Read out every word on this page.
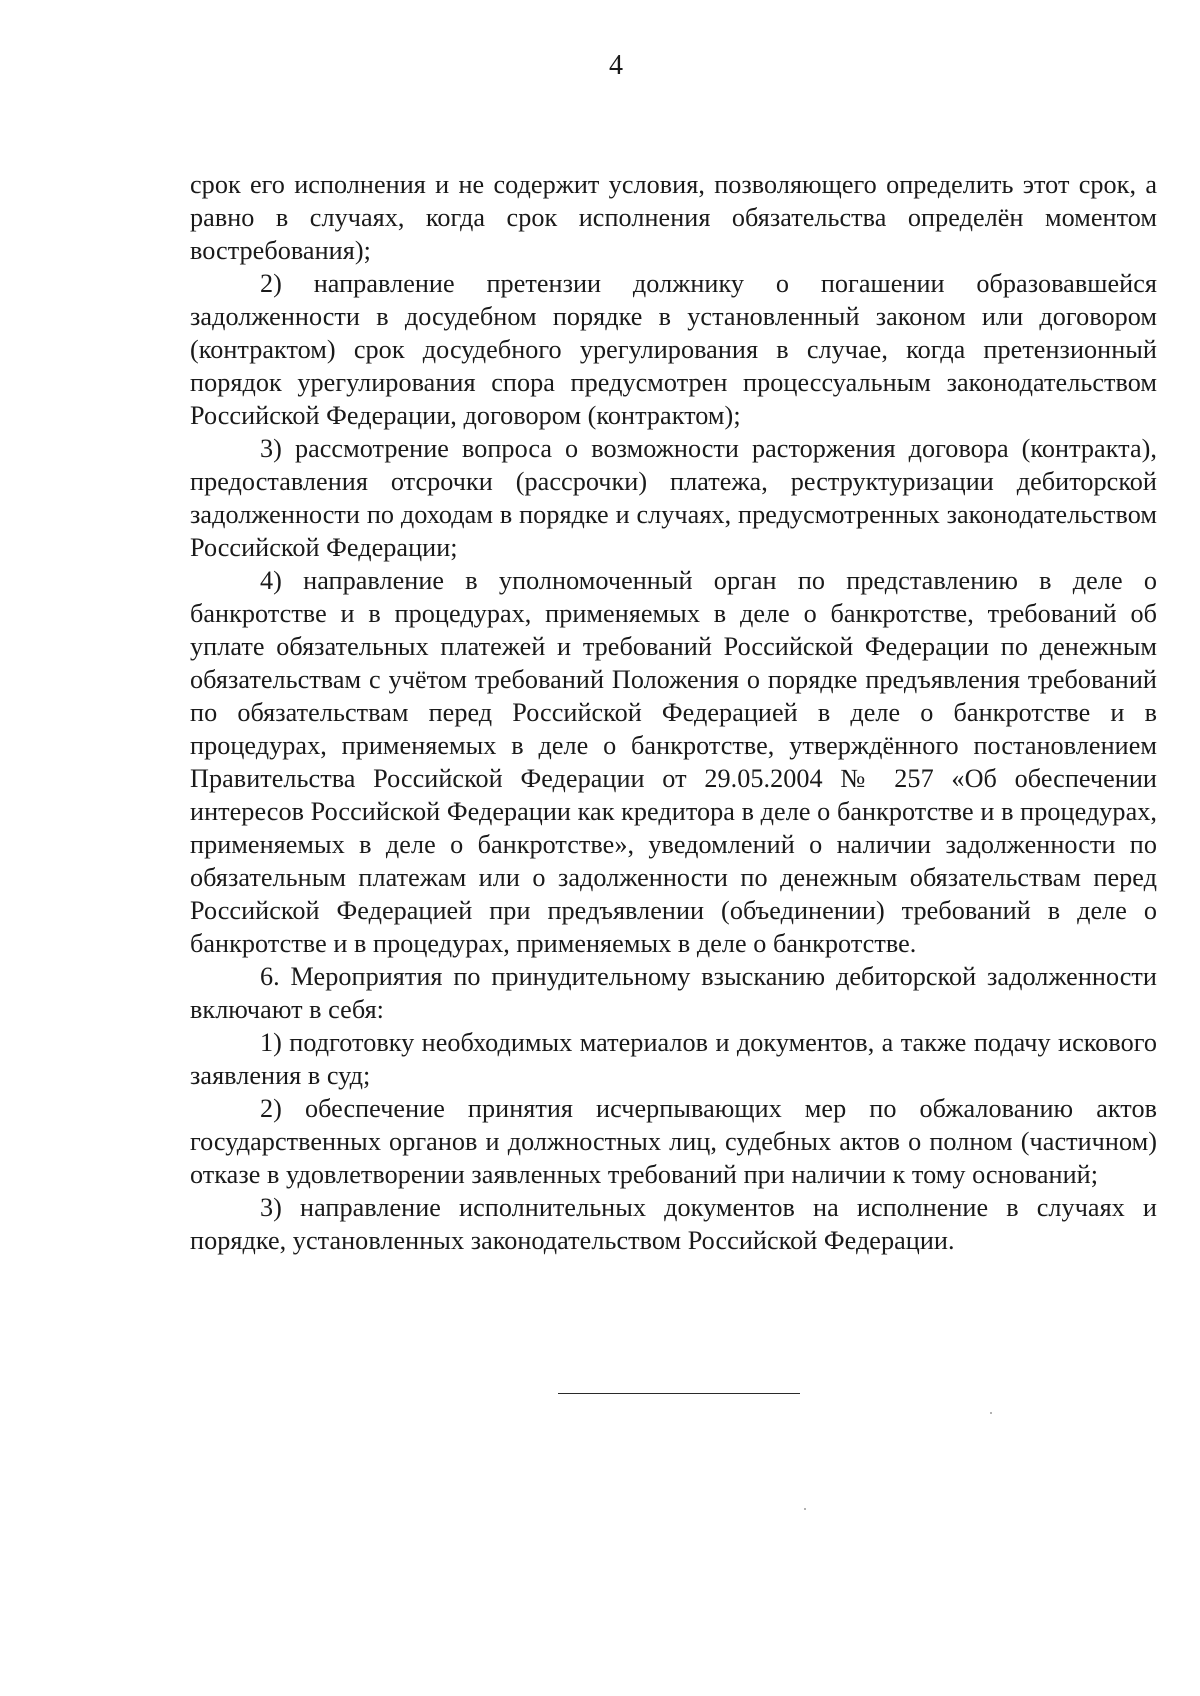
4

срок его исполнения и не содержит условия, позволяющего определить этот срок, а равно в случаях, когда срок исполнения обязательства определён моментом востребования);

2) направление претензии должнику о погашении образовавшейся задолженности в досудебном порядке в установленный законом или договором (контрактом) срок досудебного урегулирования в случае, когда претензионный порядок урегулирования спора предусмотрен процессуальным законодательством Российской Федерации, договором (контрактом);

3) рассмотрение вопроса о возможности расторжения договора (контракта), предоставления отсрочки (рассрочки) платежа, реструктуризации дебиторской задолженности по доходам в порядке и случаях, предусмотренных законодательством Российской Федерации;

4) направление в уполномоченный орган по представлению в деле о банкротстве и в процедурах, применяемых в деле о банкротстве, требований об уплате обязательных платежей и требований Российской Федерации по денежным обязательствам с учётом требований Положения о порядке предъявления требований по обязательствам перед Российской Федерацией в деле о банкротстве и в процедурах, применяемых в деле о банкротстве, утверждённого постановлением Правительства Российской Федерации от 29.05.2004 № 257 «Об обеспечении интересов Российской Федерации как кредитора в деле о банкротстве и в процедурах, применяемых в деле о банкротстве», уведомлений о наличии задолженности по обязательным платежам или о задолженности по денежным обязательствам перед Российской Федерацией при предъявлении (объединении) требований в деле о банкротстве и в процедурах, применяемых в деле о банкротстве.

6. Мероприятия по принудительному взысканию дебиторской задолженности включают в себя:

1) подготовку необходимых материалов и документов, а также подачу искового заявления в суд;

2) обеспечение принятия исчерпывающих мер по обжалованию актов государственных органов и должностных лиц, судебных актов о полном (частичном) отказе в удовлетворении заявленных требований при наличии к тому оснований;

3) направление исполнительных документов на исполнение в случаях и порядке, установленных законодательством Российской Федерации.
